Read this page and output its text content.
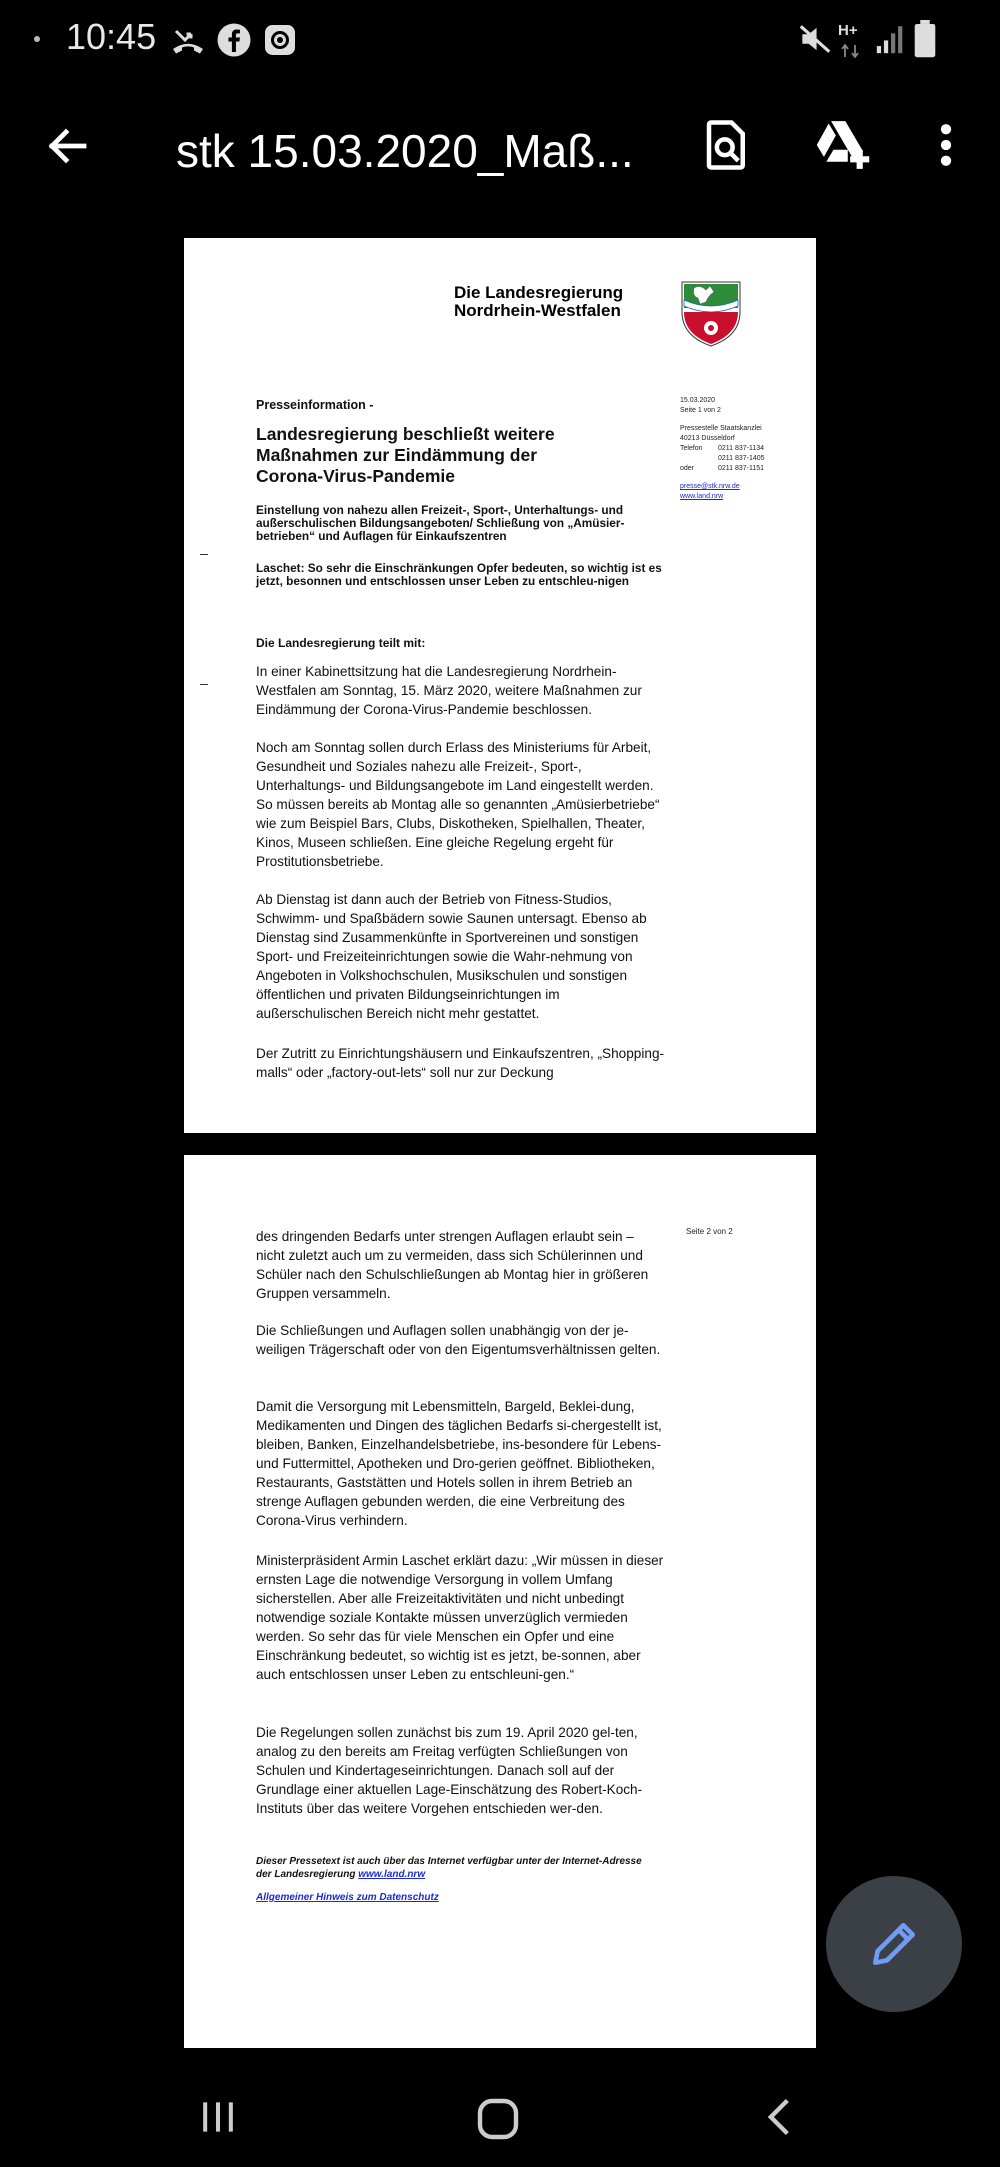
10:45	H+
stk 15.03.2020_Maß...
Die Landesregierung
Nordrhein-Westfalen
15.03.2020
Seite 1 von 2
Pressestelle Staatskanzlei
40213 Düsseldorf
Telefon 0211 837-1134
0211 837-1405
oder	0211 837-1151
presse@stk.nrw.de
www.land.nrw

Presseinformation -

Landesregierung beschließt weitere Maßnahmen zur Eindämmung der Corona-Virus-Pandemie

Einstellung von nahezu allen Freizeit-, Sport-, Unterhaltungs- und außerschulischen Bildungsangeboten/ Schließung von „Amüsier-betrieben“ und Auflagen für Einkaufszentren

Laschet: So sehr die Einschränkungen Opfer bedeuten, so wichtig ist es jetzt, besonnen und entschlossen unser Leben zu entschleu-nigen

Die Landesregierung teilt mit:

In einer Kabinettsitzung hat die Landesregierung Nordrhein-Westfalen am Sonntag, 15. März 2020, weitere Maßnahmen zur Eindämmung der Corona-Virus-Pandemie beschlossen.

Noch am Sonntag sollen durch Erlass des Ministeriums für Arbeit, Gesundheit und Soziales nahezu alle Freizeit-, Sport-, Unterhaltungs- und Bildungsangebote im Land eingestellt werden. So müssen bereits ab Montag alle so genannten „Amüsierbetriebe“ wie zum Beispiel Bars, Clubs, Diskotheken, Spielhallen, Theater, Kinos, Museen schließen. Eine gleiche Regelung ergeht für Prostitutionsbetriebe.

Ab Dienstag ist dann auch der Betrieb von Fitness-Studios, Schwimm- und Spaßbädern sowie Saunen untersagt. Ebenso ab Dienstag sind Zusammenkünfte in Sportvereinen und sonstigen Sport- und Freizeiteinrichtungen sowie die Wahr-nehmung von Angeboten in Volkshochschulen, Musikschulen und sonstigen öffentlichen und privaten Bildungseinrichtungen im außerschulischen Bereich nicht mehr gestattet.

Der Zutritt zu Einrichtungshäusern und Einkaufszentren, „Shopping-malls“ oder „factory-out-lets“ soll nur zur Deckung

Seite 2 von 2

des dringenden Bedarfs unter strengen Auflagen erlaubt sein – nicht zuletzt auch um zu vermeiden, dass sich Schülerinnen und Schüler nach den Schulschließungen ab Montag hier in größeren Gruppen versammeln.

Die Schließungen und Auflagen sollen unabhängig von der je-weiligen Trägerschaft oder von den Eigentumsverhältnissen gelten.

Damit die Versorgung mit Lebensmitteln, Bargeld, Beklei-dung, Medikamenten und Dingen des täglichen Bedarfs si-chergestellt ist, bleiben, Banken, Einzelhandelsbetriebe, ins-besondere für Lebens- und Futtermittel, Apotheken und Dro-gerien geöffnet. Bibliotheken, Restaurants, Gaststätten und Hotels sollen in ihrem Betrieb an strenge Auflagen gebunden werden, die eine Verbreitung des Corona-Virus verhindern.

Ministerpräsident Armin Laschet erklärt dazu: „Wir müssen in dieser ernsten Lage die notwendige Versorgung in vollem Umfang sicherstellen. Aber alle Freizeitaktivitäten und nicht unbedingt notwendige soziale Kontakte müssen unverzüglich vermieden werden. So sehr das für viele Menschen ein Opfer und eine Einschränkung bedeutet, so wichtig ist es jetzt, be-sonnen, aber auch entschlossen unser Leben zu entschleuni-gen.“

Die Regelungen sollen zunächst bis zum 19. April 2020 gel-ten, analog zu den bereits am Freitag verfügten Schließungen von Schulen und Kindertageseinrichtungen. Danach soll auf der Grundlage einer aktuellen Lage-Einschätzung des Robert-Koch-Instituts über das weitere Vorgehen entschieden wer-den.

Dieser Pressetext ist auch über das Internet verfügbar unter der Internet-Adresse der Landesregierung www.land.nrw

Allgemeiner Hinweis zum Datenschutz
